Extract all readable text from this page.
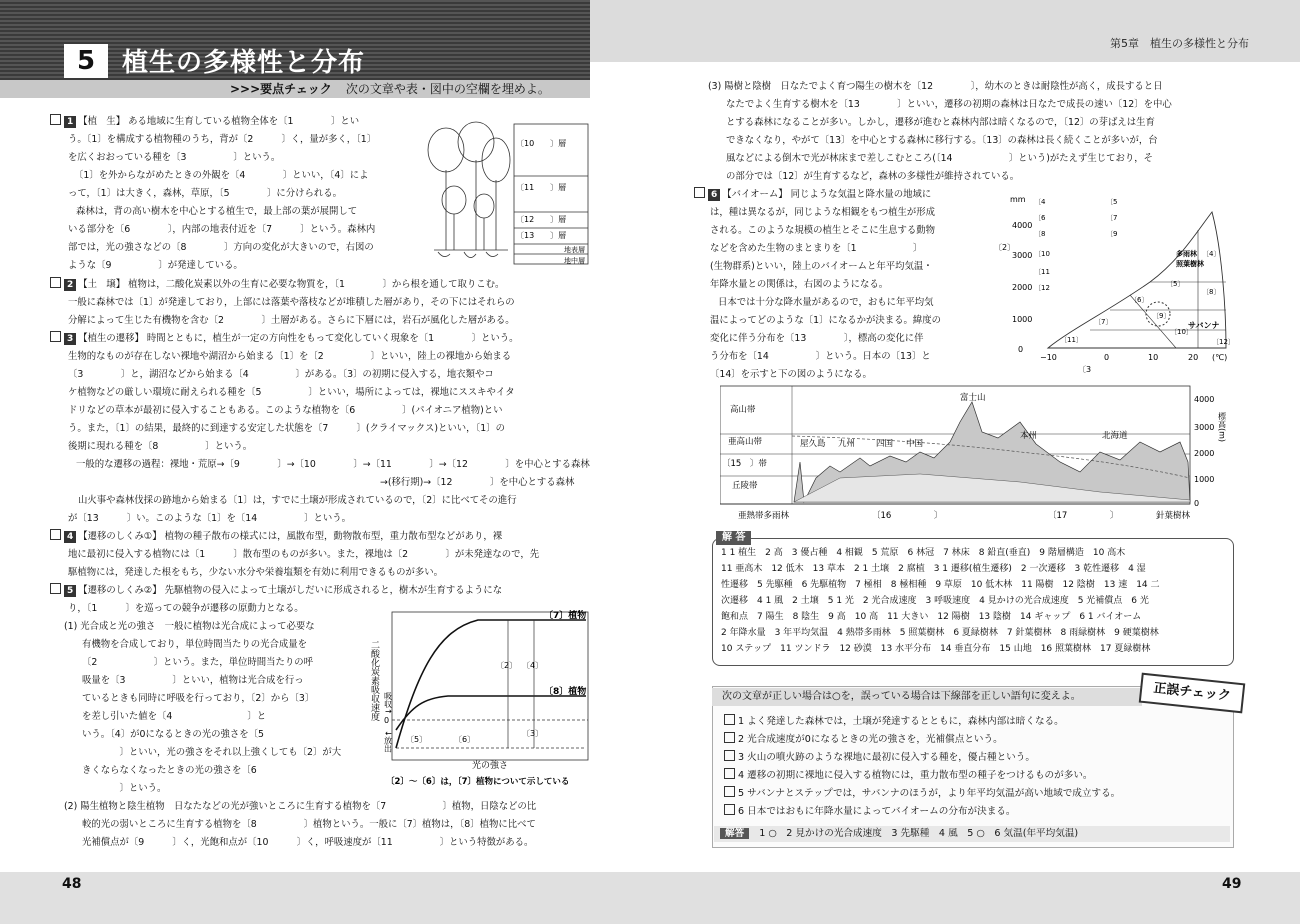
5	植生の多様性と分布
>>>要点チェック 次の文章や表・図中の空欄を埋めよ。
第5章　植生の多様性と分布
48	49
1 【植　生】 ある地域に生育している植物全体を〔1　　　　〕とい
う。〔1〕を構成する植物種のうち，背が〔2　　　〕く，量が多く，〔1〕
を広くおおっている種を〔3　　　　　〕という。
〔1〕を外からながめたときの外観を〔4　　　　〕といい，〔4〕によ
って，〔1〕は大きく，森林，草原，〔5　　　　〕に分けられる。
森林は，背の高い樹木を中心とする植生で，最上部の葉が展開して
いる部分を〔6　　　　〕，内部の地表付近を〔7　　　〕という。森林内
部では，光の強さなどの〔8　　　　〕方向の変化が大きいので，右図の
ような〔9　　　　　〕が発達している。
〔10　　〕層
〔11　　〕層
〔12　　〕層
〔13　　〕層
地表層
地中層
2 【土　壌】 植物は，二酸化炭素以外の生育に必要な物質を，〔1　　　　〕から根を通して取りこむ。
一般に森林では〔1〕が発達しており，上部には落葉や落枝などが堆積した層があり，その下にはそれらの
分解によって生じた有機物を含む〔2　　　　〕土層がある。さらに下層には，岩石が風化した層がある。
3 【植生の遷移】 時間とともに，植生が一定の方向性をもって変化していく現象を〔1　　　　〕という。
生物的なものが存在しない裸地や湖沼から始まる〔1〕を〔2　　　　　〕といい，陸上の裸地から始まる
〔3　　　　〕と，湖沼などから始まる〔4　　　　　〕がある。〔3〕の初期に侵入する，地衣類やコ
ケ植物などの厳しい環境に耐えられる種を〔5　　　　　〕といい，場所によっては，裸地にススキやイタ
ドリなどの草本が最初に侵入することもある。このような植物を〔6　　　　　〕(パイオニア植物)とい
う。また，〔1〕の結果，最終的に到達する安定した状態を〔7　　　〕(クライマックス)といい，〔1〕の
後期に現れる種を〔8　　　　　〕という。
一般的な遷移の過程：裸地・荒原→〔9　　　　〕→〔10　　　　〕→〔11　　　　〕→〔12　　　　〕を中心とする森林
→(移行期)→〔12　　　　〕を中心とする森林
山火事や森林伐採の跡地から始まる〔1〕は，すでに土壌が形成されているので，〔2〕に比べてその進行
が〔13　　　〕い。このような〔1〕を〔14　　　　　〕という。
4 【遷移のしくみ①】 植物の種子散布の様式には，風散布型，動物散布型，重力散布型などがあり，裸
地に最初に侵入する植物には〔1　　　〕散布型のものが多い。また，裸地は〔2　　　　〕が未発達なので，先
駆植物には，発達した根をもち，少ない水分や栄養塩類を有効に利用できるものが多い。
5 【遷移のしくみ②】 先駆植物の侵入によって土壌がしだいに形成されると，樹木が生育するようにな
り，〔1　　　〕を巡っての競争が遷移の原動力となる。
(1) 光合成と光の強さ　一般に植物は光合成によって必要な
有機物を合成しており，単位時間当たりの光合成量を
〔2　　　　　　〕という。また，単位時間当たりの呼
吸量を〔3　　　　　〕といい，植物は光合成を行っ
ているときも同時に呼吸を行っており，〔2〕から〔3〕
を差し引いた値を〔4　　　　　　　　〕と
いう。〔4〕が0になるときの光の強さを〔5
　　　　〕といい，光の強さをそれ以上強くしても〔2〕が大
きくならなくなったときの光の強さを〔6
　　　　〕という。
(2) 陽生植物と陰生植物　日なたなどの光が強いところに生育する植物を〔7　　　　　　〕植物，日陰などの比
較的光の弱いところに生育する植物を〔8　　　　　〕植物という。一般に〔7〕植物は，〔8〕植物に比べて
光補償点が〔9　　　〕く，光飽和点が〔10　　　〕く，呼吸速度が〔11　　　　　〕という特徴がある。
二酸化炭素吸収速度 吸収↑
0
↓放出
光の強さ
〔7〕植物
〔8〕植物
〔2〕 〔4〕
〔3〕
〔5〕	〔6〕
〔2〕～〔6〕は，〔7〕植物について示している
(3) 陽樹と陰樹　日なたでよく育つ陽生の樹木を〔12　　　　〕，幼木のときは耐陰性が高く，成長すると日
なたでよく生育する樹木を〔13　　　　〕といい，遷移の初期の森林は日なたで成長の速い〔12〕を中心
とする森林になることが多い。しかし，遷移が進むと森林内部は暗くなるので，〔12〕の芽ばえは生育
できなくなり，やがて〔13〕を中心とする森林に移行する。〔13〕の森林は長く続くことが多いが，台
風などによる倒木で光が林床まで差しこむところ(〔14　　　　　　〕という)がたえず生じており，そ
の部分では〔12〕が生育するなど，森林の多様性が維持されている。
6 【バイオーム】 同じような気温と降水量の地域に
は，種は異なるが，同じような相観をもつ植生が形成
される。このような規模の植生とそこに生息する動物
などを含めた生物のまとまりを〔1　　　　　　〕
(生物群系)といい，陸上のバイオームと年平均気温・
年降水量との関係は，右図のようになる。
日本では十分な降水量があるので，おもに年平均気
温によってどのような〔1〕になるかが決まる。緯度の
変化に伴う分布を〔13　　　　〕，標高の変化に伴
う分布を〔14　　　　　〕という。日本の〔13〕と
〔14〕を示すと下の図のようになる。
mm
〔2〕
4000
3000
2000
1000
0
−10	0	10	20 (℃)
〔3
〔4	〔5
〔6	〔7
〔8	〔9
〔10
〔11
〔12
多雨林
照葉樹林
〔4〕
〔5〕
〔6〕
〔7〕
〔8〕
〔9〕
〔10〕
〔11〕	〔12〕
サバンナ
高山帯
亜高山帯
〔15　〕帯
丘陵帯
富士山
本州
屋久島 九州 四国 中国
北海道
4000
3000
2000
1000
0
標高(m)
亜熱帯多雨林	〔16　　　　　〕	〔17　　　　　〕	針葉樹林
1 1 植生　2 高　3 優占種　4 相観　5 荒原　6 林冠　7 林床　8 鉛直(垂直)　9 階層構造　10 高木
11 亜高木　12 低木　13 草本　2 1 土壌　2 腐植　3 1 遷移(植生遷移)　2 一次遷移　3 乾性遷移　4 湿
性遷移　5 先駆種　6 先駆植物　7 極相　8 極相種　9 草原　10 低木林　11 陽樹　12 陰樹　13 速　14 二
次遷移　4 1 風　2 土壌　5 1 光　2 光合成速度　3 呼吸速度　4 見かけの光合成速度　5 光補償点　6 光
飽和点　7 陽生　8 陰生　9 高　10 高　11 大きい　12 陽樹　13 陰樹　14 ギャップ　6 1 バイオーム
2 年降水量　3 年平均気温　4 熱帯多雨林　5 照葉樹林　6 夏緑樹林　7 針葉樹林　8 雨緑樹林　9 硬葉樹林
10 ステップ　11 ツンドラ　12 砂漠　13 水平分布　14 垂直分布　15 山地　16 照葉樹林　17 夏緑樹林
解 答
次の文章が正しい場合は○を，誤っている場合は下線部を正しい語句に変えよ。	正誤チェック
1 よく発達した森林では，土壌が発達するとともに，森林内部は暗くなる。
2 光合成速度が0になるときの光の強さを，光補償点という。
3 火山の噴火跡のような裸地に最初に侵入する種を，優占種という。
4 遷移の初期に裸地に侵入する植物には，重力散布型の種子をつけるものが多い。
5 サバンナとステップでは，サバンナのほうが，より年平均気温が高い地域で成立する。
6 日本ではおもに年降水量によってバイオームの分布が決まる。
解答 1 ○　2 見かけの光合成速度　3 先駆種　4 風　5 ○　6 気温(年平均気温)
